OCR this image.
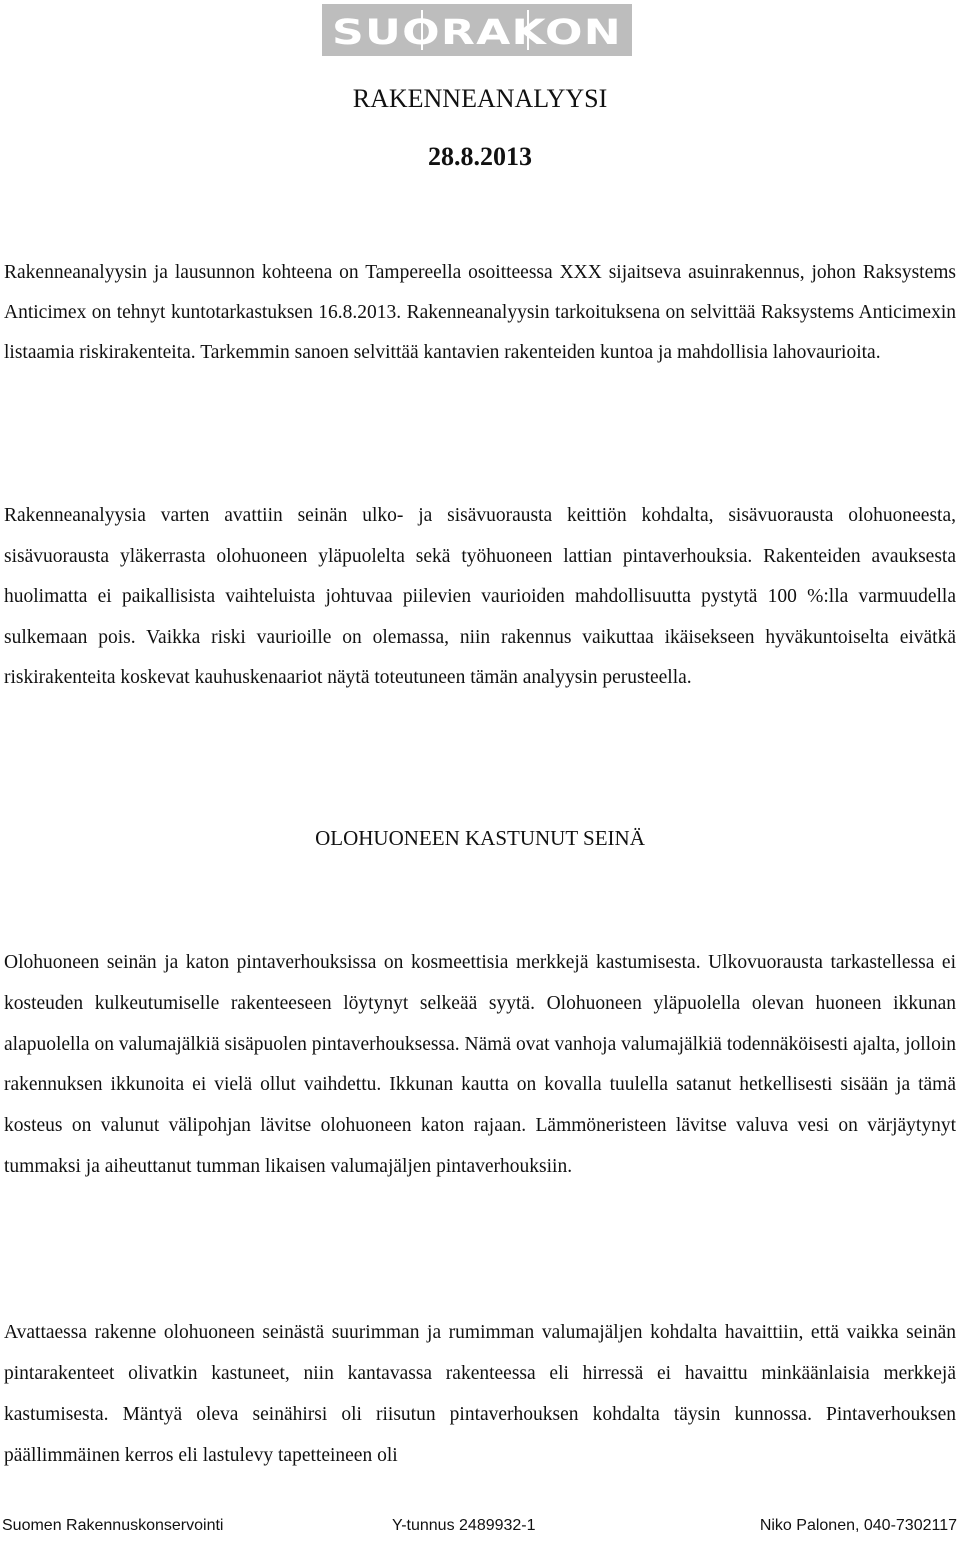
SUORAKON
RAKENNEANALYYSI
28.8.2013

Rakenneanalyysin ja lausunnon kohteena on Tampereella osoitteessa XXX sijaitseva asuinrakennus, johon Raksystems Anticimex on tehnyt kuntotarkastuksen 16.8.2013. Rakenneanalyysin tarkoituksena on selvittää Raksystems Anticimexin listaamia riskirakenteita. Tarkemmin sanoen selvittää kantavien rakenteiden kuntoa ja mahdollisia lahovaurioita.

Rakenneanalyysia varten avattiin seinän ulko- ja sisävuorausta keittiön kohdalta, sisävuorausta olohuoneesta, sisävuorausta yläkerrasta olohuoneen yläpuolelta sekä työhuoneen lattian pintaverhouksia. Rakenteiden avauksesta huolimatta ei paikallisista vaihteluista johtuvaa piilevien vaurioiden mahdollisuutta pystytä 100 %:lla varmuudella sulkemaan pois. Vaikka riski vaurioille on olemassa, niin rakennus vaikuttaa ikäisekseen hyväkuntoiselta eivätkä riskirakenteita koskevat kauhuskenaariot näytä toteutuneen tämän analyysin perusteella.

OLOHUONEEN KASTUNUT SEINÄ

Olohuoneen seinän ja katon pintaverhouksissa on kosmeettisia merkkejä kastumisesta. Ulkovuorausta tarkastellessa ei kosteuden kulkeutumiselle rakenteeseen löytynyt selkeää syytä. Olohuoneen yläpuolella olevan huoneen ikkunan alapuolella on valumajälkiä sisäpuolen pintaverhouksessa. Nämä ovat vanhoja valumajälkiä todennäköisesti ajalta, jolloin rakennuksen ikkunoita ei vielä ollut vaihdettu. Ikkunan kautta on kovalla tuulella satanut hetkellisesti sisään ja tämä kosteus on valunut välipohjan lävitse olohuoneen katon rajaan. Lämmöneristeen lävitse valuva vesi on värjäytynyt tummaksi ja aiheuttanut tumman likaisen valumajäljen pintaverhouksiin.

Avattaessa rakenne olohuoneen seinästä suurimman ja rumimman valumajäljen kohdalta havaittiin, että vaikka seinän pintarakenteet olivatkin kastuneet, niin kantavassa rakenteessa eli hirressä ei havaittu minkäänlaisia merkkejä kastumisesta. Mäntyä oleva seinähirsi oli riisutun pintaverhouksen kohdalta täysin kunnossa. Pintaverhouksen päällimmäinen kerros eli lastulevy tapetteineen oli

Suomen Rakennuskonservointi	Y-tunnus 2489932-1	Niko Palonen, 040-7302117
